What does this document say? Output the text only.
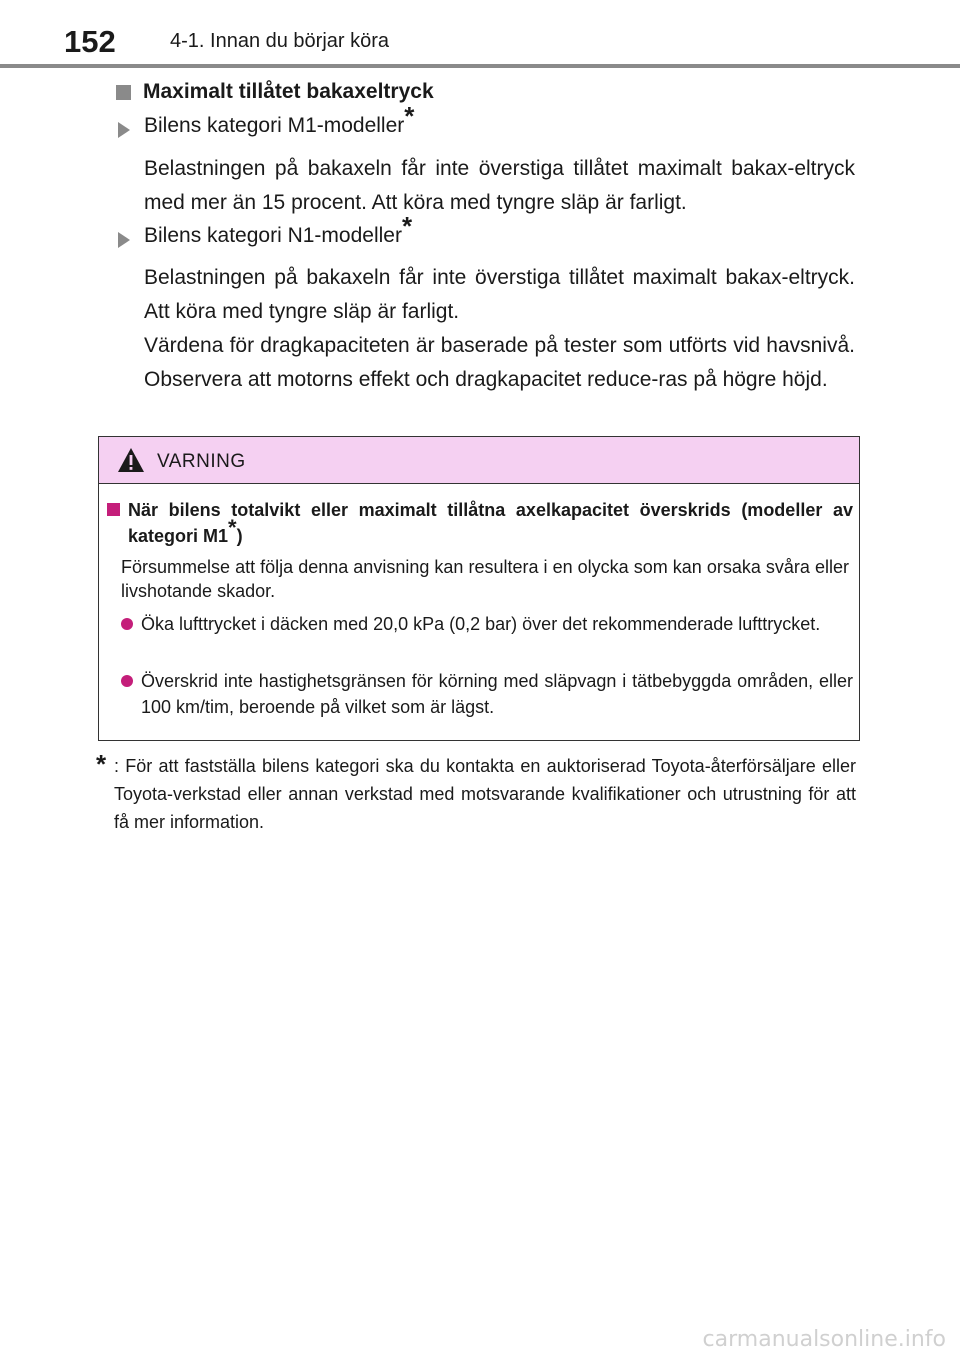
152	4-1. Innan du börjar köra
Maximalt tillåtet bakaxeltryck
Bilens kategori M1-modeller*
Belastningen på bakaxeln får inte överstiga tillåtet maximalt bakax-eltryck med mer än 15 procent. Att köra med tyngre släp är farligt.
Bilens kategori N1-modeller*
Belastningen på bakaxeln får inte överstiga tillåtet maximalt bakax-eltryck. Att köra med tyngre släp är farligt.
Värdena för dragkapaciteten är baserade på tester som utförts vid havsnivå. Observera att motorns effekt och dragkapacitet reduce-ras på högre höjd.
VARNING
När bilens totalvikt eller maximalt tillåtna axelkapacitet överskrids (modeller av kategori M1*)
Försummelse att följa denna anvisning kan resultera i en olycka som kan orsaka svåra eller livshotande skador.
Öka lufttrycket i däcken med 20,0 kPa (0,2 bar) över det rekommenderade lufttrycket.
Överskrid inte hastighetsgränsen för körning med släpvagn i tätbebyggda områden, eller 100 km/tim, beroende på vilket som är lägst.
* : För att fastställa bilens kategori ska du kontakta en auktoriserad Toyota-återförsäljare eller Toyota-verkstad eller annan verkstad med motsvarande kvalifikationer och utrustning för att få mer information.
carmanualsonline.info
